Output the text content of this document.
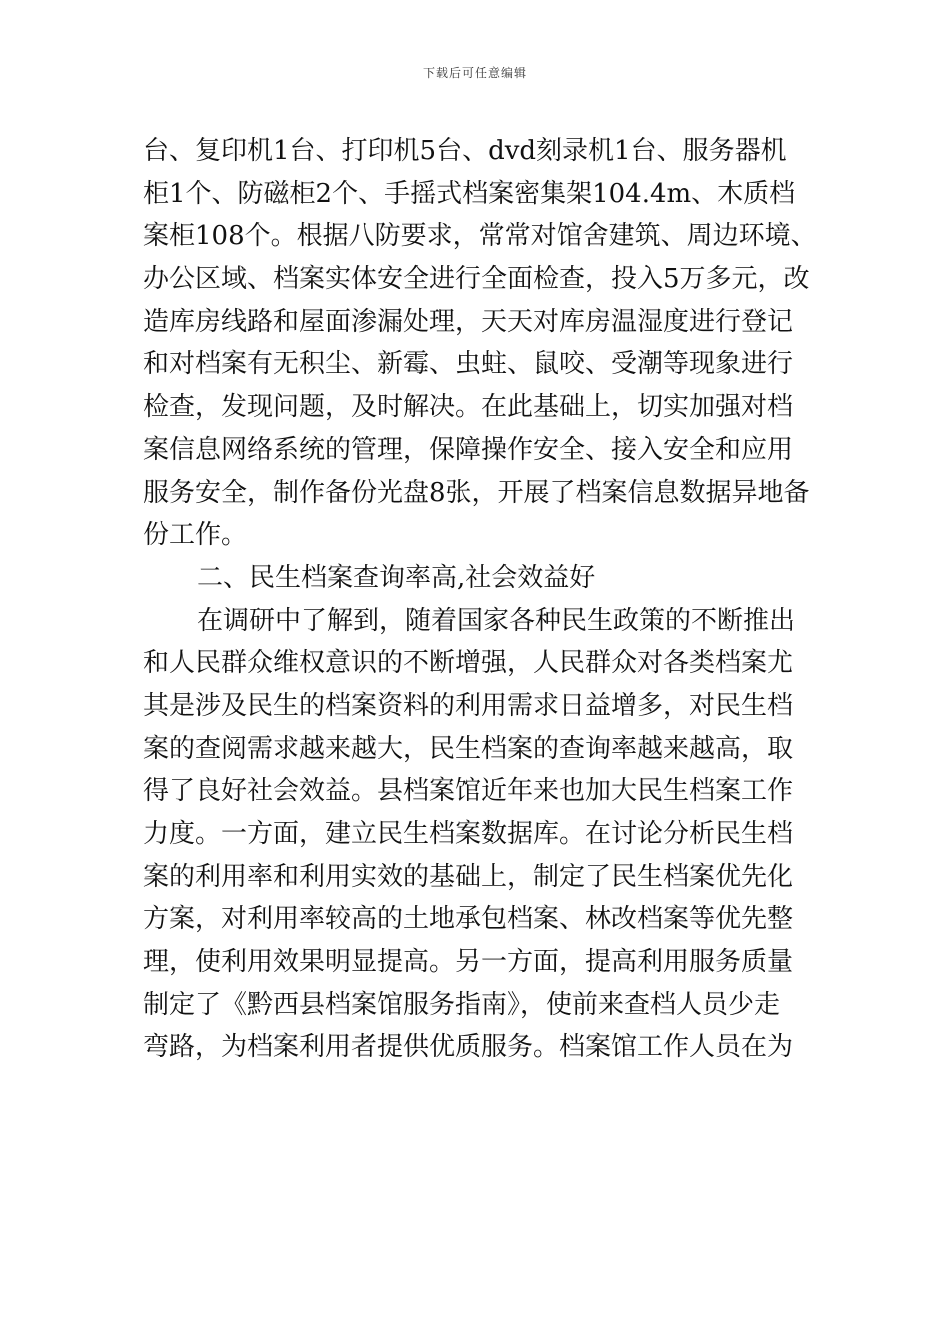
下载后可任意编辑
台、复印机1台、打印机5台、dvd刻录机1台、服务器机
柜1个、防磁柜2个、手摇式档案密集架104.4m、木质档
案柜108个。根据八防要求，常常对馆舍建筑、周边环境、
办公区域、档案实体安全进行全面检查，投入5万多元，改
造库房线路和屋面渗漏处理，天天对库房温湿度进行登记
和对档案有无积尘、新霉、虫蛀、鼠咬、受潮等现象进行
检查，发现问题，及时解决。在此基础上，切实加强对档
案信息网络系统的管理，保障操作安全、接入安全和应用
服务安全，制作备份光盘8张，开展了档案信息数据异地备
份工作。
二、民生档案查询率高,社会效益好
在调研中了解到，随着国家各种民生政策的不断推出
和人民群众维权意识的不断增强，人民群众对各类档案尤
其是涉及民生的档案资料的利用需求日益增多，对民生档
案的查阅需求越来越大，民生档案的查询率越来越高，取
得了良好社会效益。县档案馆近年来也加大民生档案工作
力度。一方面，建立民生档案数据库。在讨论分析民生档
案的利用率和利用实效的基础上，制定了民生档案优先化
方案，对利用率较高的土地承包档案、林改档案等优先整
理，使利用效果明显提高。另一方面，提高利用服务质量
制定了《黔西县档案馆服务指南》，使前来查档人员少走
弯路，为档案利用者提供优质服务。档案馆工作人员在为
